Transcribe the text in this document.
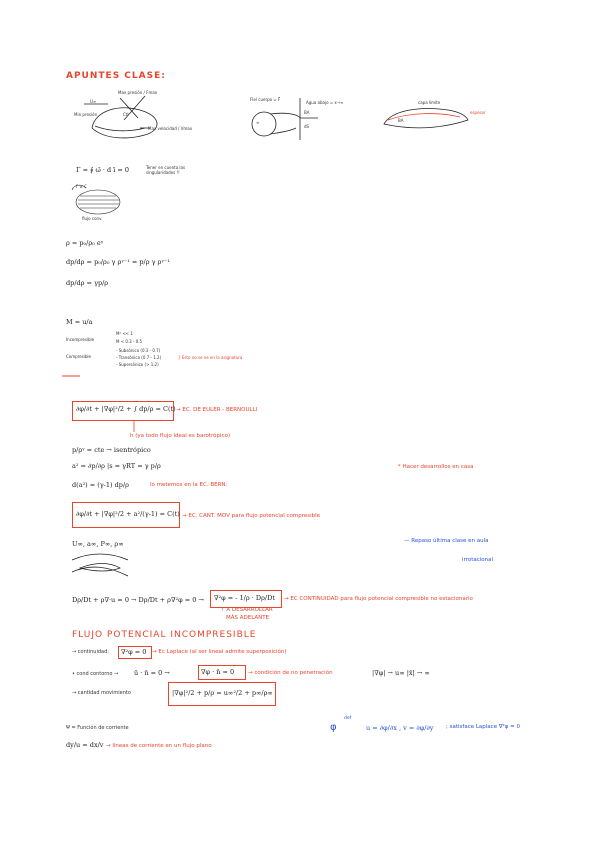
APUNTES CLASE:
Max presión / Fmax
U∞
Min presión
Max velocidad / Vmax
Ctl
Flel cuerpo = F̄
Agua abajo = x→∞
∞
BA
dS
capa límite
espesor
BA
Γ = ∮ ω̄ · d ī = 0	Tener en cuenta las singularidades !!
Γ ≠ C
flujo conv.
ρ = p₀/ρ₀ eᵞ
dp/dρ = p₀/ρ₀ γ ρᵞ⁻¹ = p/ρ γ ρᵞ⁻¹
dp/dρ = γp/ρ
M = u/a
Incompresible
M² << 1
M < 0.3 - 0.5
Compresible
- Subsónico (0.3 - 0.7)
- Transónico (0.7 - 1.2)
- Supersónico (> 1.2)
} Esto no se ve en la asignatura
∂φ/∂t + |∇φ|²/2 + ∫ dp/ρ = C(t) → EC. DE EULER - BERNOULLI
h (ya todo flujo ideal es barotrópico)
p/ρᵞ = cte → isentrópico
a² = ∂p/∂ρ |s = γRT = γ p/ρ
d(a²) = (γ-1) dp/ρ	lo metemos en la EC. BERN:
* Hacer desarrollos en casa
∂φ/∂t + |∇φ|²/2 + a²/(γ-1) = C(t) → EC. CANT. MOV para flujo potencial compresible
U∞, a∞, P∞, ρ∞	— Repaso última clase en aula
irrotacional
Dρ/Dt + ρ∇·u = 0 → Dρ/Dt + ρ∇²φ = 0 → ∇²φ = - 1/ρ · Dρ/Dt → EC CONTINUIDAD para flujo potencial compresible no estacionario
↑ A DESARROLLAR
MÁS ADELANTE
FLUJO POTENCIAL INCOMPRESIBLE
→ continuidad: ∇²φ = 0 → Ec Laplace (al ser lineal admite superposición)
• cond contorno → ū · n̄ = 0 →	∇φ · n̄ = 0	→ condición de no penetración	|∇φ| → u∞ |x̄| → ∞
→ cantidad movimiento	|∇φ|²/2 + p/ρ = u∞²/2 + p∞/ρ∞
Ψ = Función de corriente
dy/u = dx/v → líneas de corriente en un flujo plano
φ
def
u = ∂φ/∂x , v = ∂φ/∂y ; satisface Laplace ∇²φ = 0
